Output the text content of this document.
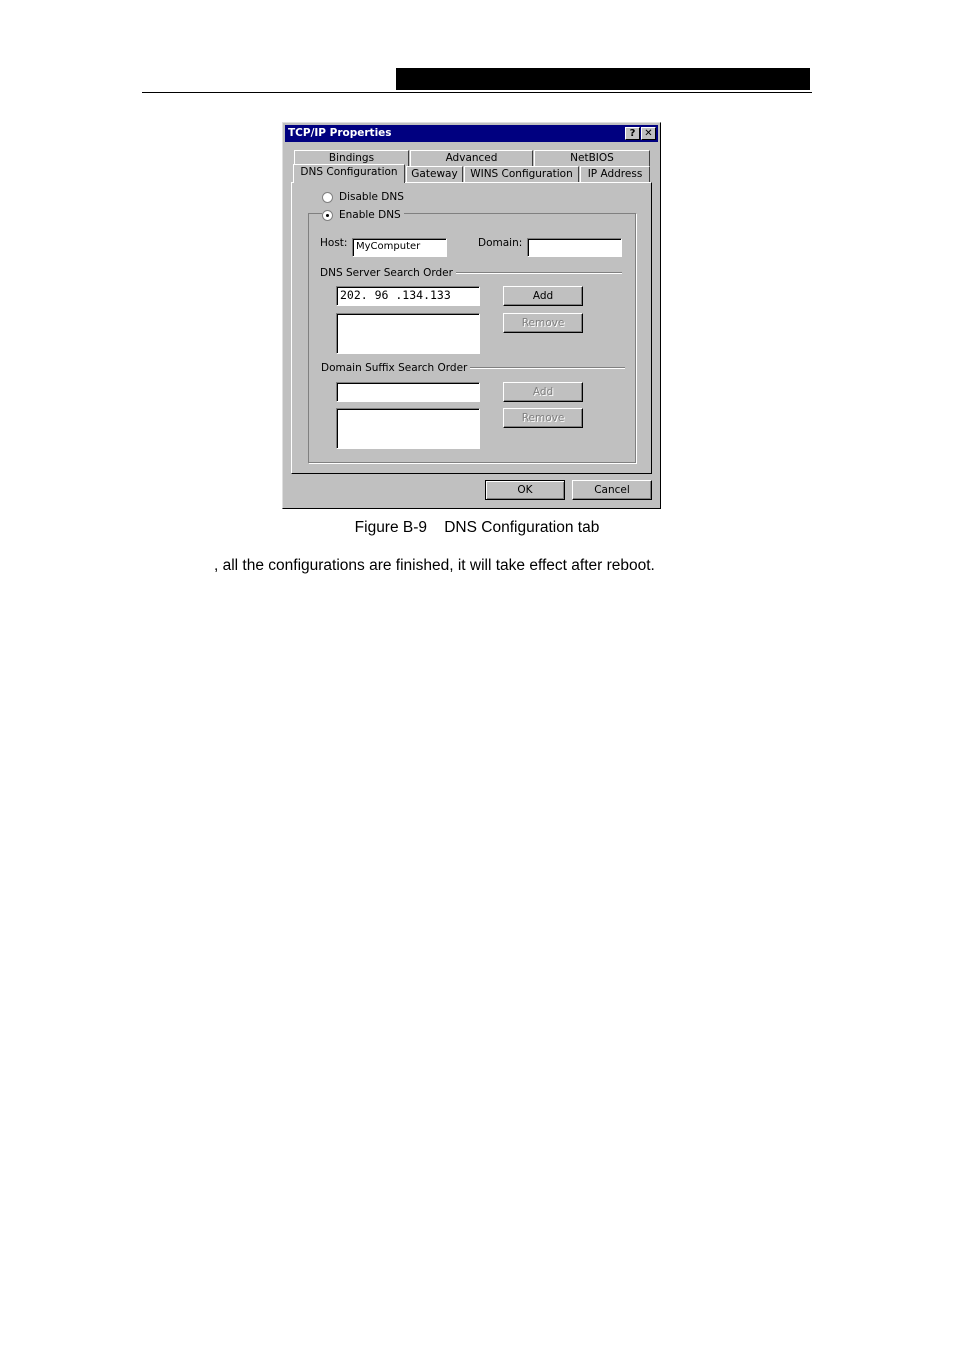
TCP/IP Properties	? ✕
Bindings	Advanced	NetBIOS
DNS Configuration	Gateway	WINS Configuration	IP Address
Disable DNS
Host: MyComputer	Domain:
DNS Server Search Order
202. 96 .134.133	Add
Remove
Domain Suffix Search Order
Add
Remove
Enable DNS
OK	Cancel
Figure B-9    DNS Configuration tab
, all the configurations are finished, it will take effect after reboot.
